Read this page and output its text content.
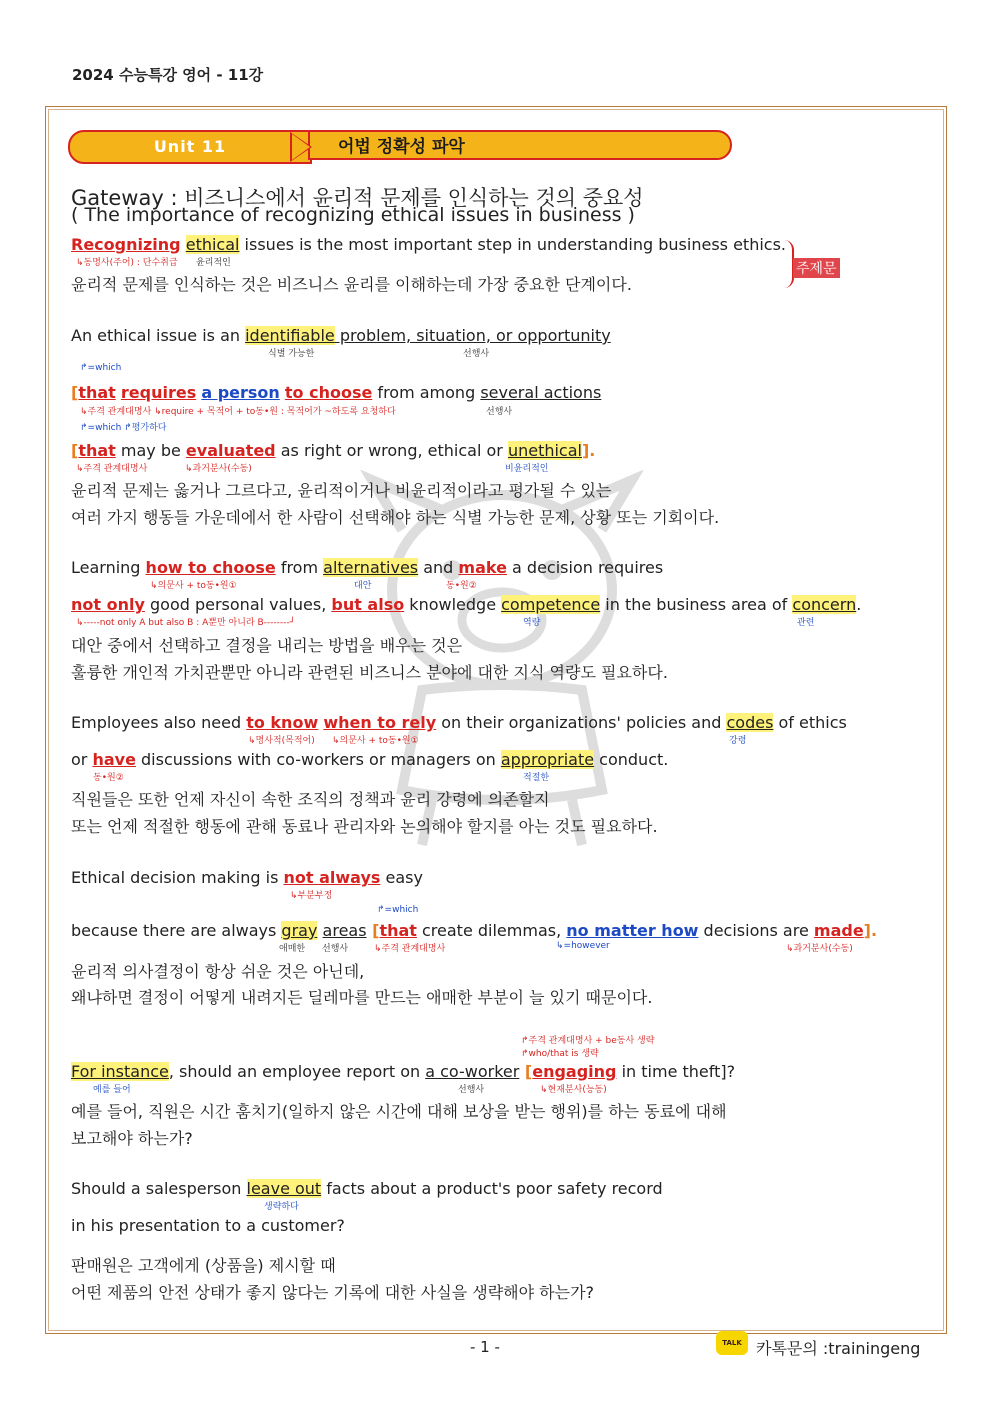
2024 수능특강 영어 - 11강
Unit 11	어법 정확성 파악
Gateway : 비즈니스에서 윤리적 문제를 인식하는 것의 중요성
( The importance of recognizing ethical issues in business )
Recognizing ethical issues is the most important step in understanding business ethics.
↳동명사(주어) : 단수취급 윤리적인
윤리적 문제를 인식하는 것은 비즈니스 윤리를 이해하는데 가장 중요한 단계이다.
주제문
An ethical issue is an identifiable problem, situation, or opportunity
식별 가능한	선행사
↱=which
[that requires a person to choose from among several actions
↳주격 관계대명사 ↳require + 목적어 + to동•원 : 목적어가 ~하도록 요청하다	선행사
↱=which ↱평가하다
[that may be evaluated as right or wrong, ethical or unethical].
↳주격 관계대명사	↳과거분사(수동)	비윤리적인
윤리적 문제는 옳거나 그르다고, 윤리적이거나 비윤리적이라고 평가될 수 있는
여러 가지 행동들 가운데에서 한 사람이 선택해야 하는 식별 가능한 문제, 상황 또는 기회이다.
Learning how to choose from alternatives and make a decision requires
↳의문사 + to동•원①	대안	동•원②
not only good personal values, but also knowledge competence in the business area of concern.
↳-----not only A but also B : A뿐만 아니라 B--------┘	역량	관련
대안 중에서 선택하고 결정을 내리는 방법을 배우는 것은
훌륭한 개인적 가치관뿐만 아니라 관련된 비즈니스 분야에 대한 지식 역량도 필요하다.
Employees also need to know when to rely on their organizations' policies and codes of ethics
↳명사적(목적어) ↳의문사 + to동•원①	강령
or have discussions with co-workers or managers on appropriate conduct.
동•원②	적절한
직원들은 또한 언제 자신이 속한 조직의 정책과 윤리 강령에 의존할지
또는 언제 적절한 행동에 관해 동료나 관리자와 논의해야 할지를 아는 것도 필요하다.
Ethical decision making is not always easy
↳부분부정
↱=which
because there are always gray areas [that create dilemmas, no matter how decisions are made].
애매한 선행사	↳주격 관계대명사	↳=however	↳과거분사(수동)
윤리적 의사결정이 항상 쉬운 것은 아닌데,
왜냐하면 결정이 어떻게 내려지든 딜레마를 만드는 애매한 부분이 늘 있기 때문이다.
↱주격 관계대명사 + be동사 생략
↱who/that is 생략
For instance, should an employee report on a co-worker [engaging in time theft]?
예를 들어	선행사	↳현재분사(능동)
예를 들어, 직원은 시간 훔치기(일하지 않은 시간에 대해 보상을 받는 행위)를 하는 동료에 대해
보고해야 하는가?
Should a salesperson leave out facts about a product's poor safety record
생략하다
in his presentation to a customer?
판매원은 고객에게 (상품을) 제시할 때
어떤 제품의 안전 상태가 좋지 않다는 기록에 대한 사실을 생략해야 하는가?
- 1 -	TALK 카톡문의 :trainingeng
